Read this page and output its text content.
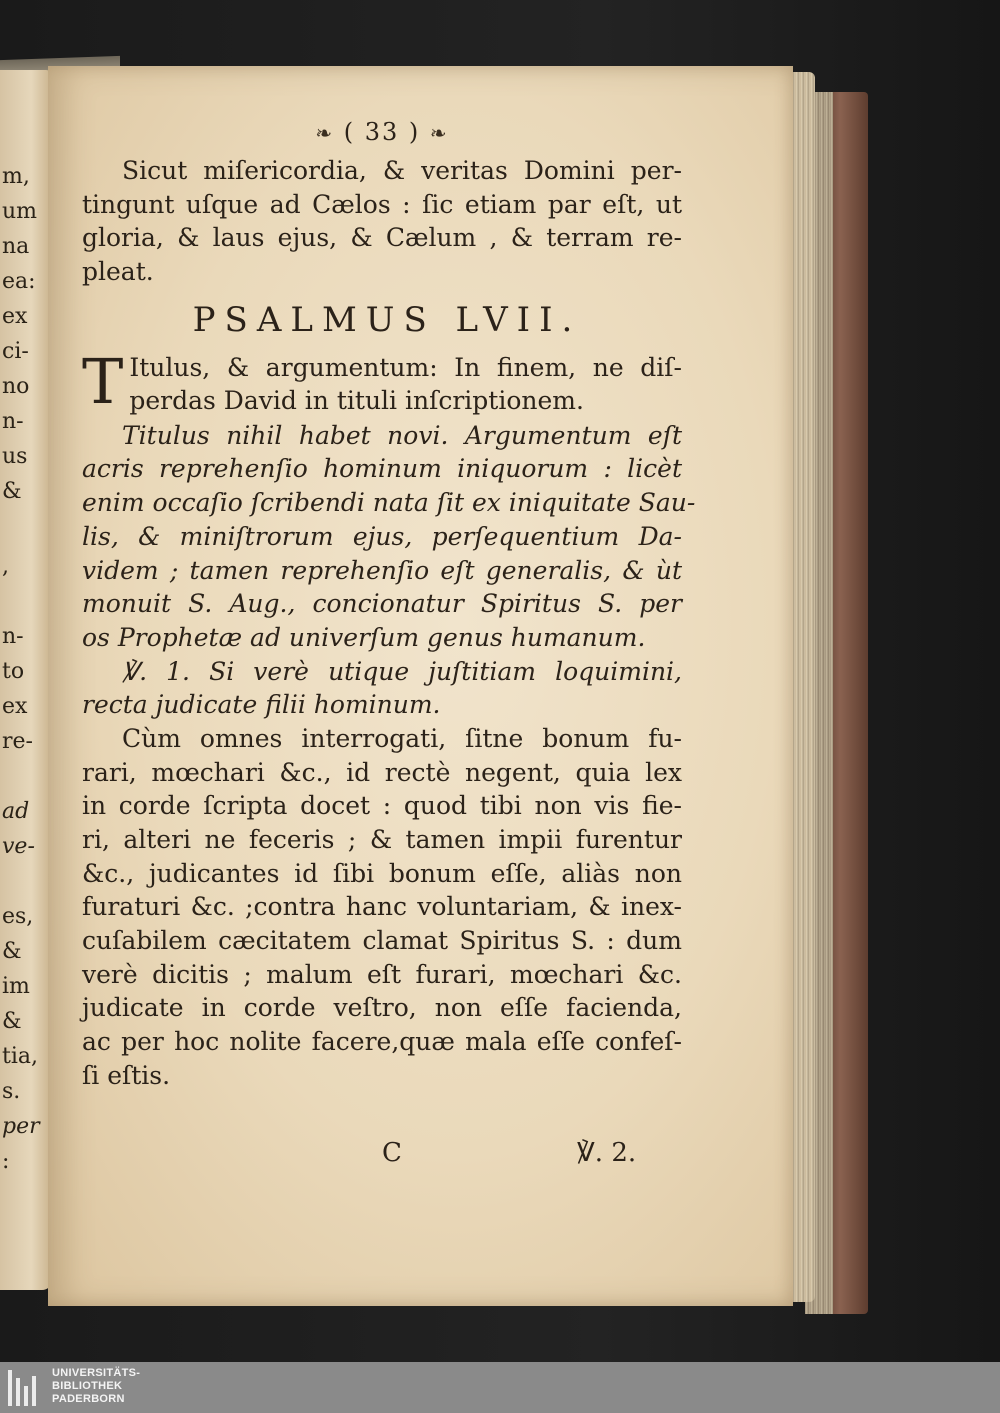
m,
um
na
ea:
ex
ci-
no
n-
us
&
,
n-
to
ex
re-
ad
ve-
es,
&
im
&
tia,
s.
per
:
❧ ( 33 ) ❧
Sicut miſericordia, & veritas Domini per-
tingunt uſque ad Cælos : ſic etiam par eſt, ut
gloria, & laus ejus, & Cælum , & terram re-
pleat.
PSALMUS LVII.
T Itulus, & argumentum: In finem, ne diſ-
perdas David in tituli inſcriptionem.
Titulus nihil habet novi. Argumentum eſt
acris reprehenſio hominum iniquorum : licèt
enim occaſio ſcribendi nata ſit ex iniquitate Sau-
lis, & miniſtrorum ejus, perſequentium Da-
videm ; tamen reprehenſio eſt generalis, & ùt
monuit S. Aug., concionatur Spiritus S. per
os Prophetæ ad univerſum genus humanum.
℣. 1. Si verè utique juſtitiam loquimini,
recta judicate filii hominum.
Cùm omnes interrogati, ſitne bonum fu-
rari, mœchari &c., id rectè negent, quia lex
in corde ſcripta docet : quod tibi non vis fie-
ri, alteri ne feceris ; & tamen impii furentur
&c., judicantes id ſibi bonum eſſe, aliàs non
furaturi &c. ;contra hanc voluntariam, & inex-
cuſabilem cæcitatem clamat Spiritus S. : dum
verè dicitis ; malum eſt furari, mœchari &c.
judicate in corde veſtro, non eſſe facienda,
ac per hoc nolite facere,quæ mala eſſe confeſ-
ſi eſtis.
C	℣. 2.
UNIVERSITÄTS-
BIBLIOTHEK
PADERBORN
